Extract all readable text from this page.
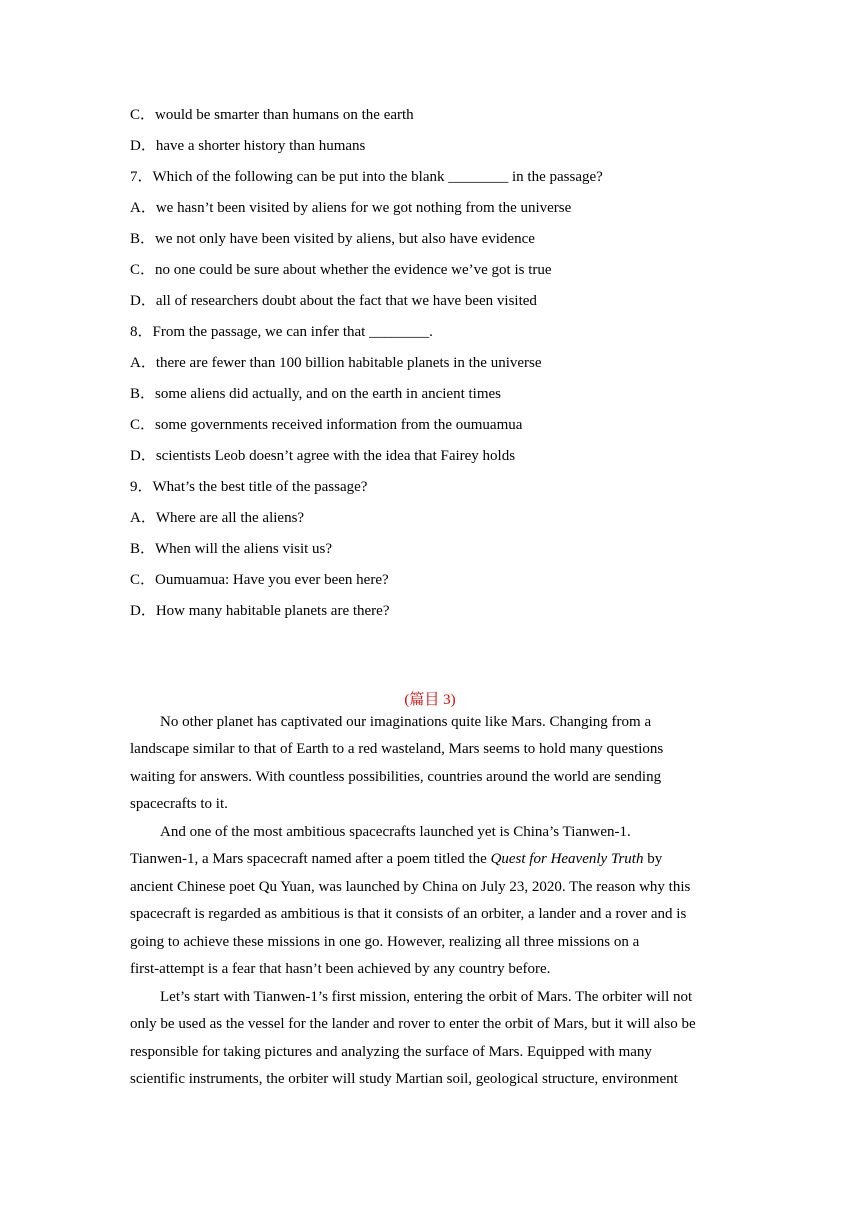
C．would be smarter than humans on the earth
D．have a shorter history than humans
7．Which of the following can be put into the blank ________ in the passage?
A．we hasn’t been visited by aliens for we got nothing from the universe
B．we not only have been visited by aliens, but also have evidence
C．no one could be sure about whether the evidence we’ve got is true
D．all of researchers doubt about the fact that we have been visited
8．From the passage, we can infer that ________.
A．there are fewer than 100 billion habitable planets in the universe
B．some aliens did actually, and on the earth in ancient times
C．some governments received information from the oumuamua
D．scientists Leob doesn’t agree with the idea that Fairey holds
9．What’s the best title of the passage?
A．Where are all the aliens?
B．When will the aliens visit us?
C．Oumuamua: Have you ever been here?
D．How many habitable planets are there?
(篇目 3)
No other planet has captivated our imaginations quite like Mars. Changing from a
landscape similar to that of Earth to a red wasteland, Mars seems to hold many questions
waiting for answers. With countless possibilities, countries around the world are sending
spacecrafts to it.
And one of the most ambitious spacecrafts launched yet is China’s Tianwen-1.
Tianwen-1, a Mars spacecraft named after a poem titled the Quest for Heavenly Truth by
ancient Chinese poet Qu Yuan, was launched by China on July 23, 2020. The reason why this
spacecraft is regarded as ambitious is that it consists of an orbiter, a lander and a rover and is
going to achieve these missions in one go. However, realizing all three missions on a
first-attempt is a fear that hasn’t been achieved by any country before.
Let’s start with Tianwen-1’s first mission, entering the orbit of Mars. The orbiter will not
only be used as the vessel for the lander and rover to enter the orbit of Mars, but it will also be
responsible for taking pictures and analyzing the surface of Mars. Equipped with many
scientific instruments, the orbiter will study Martian soil, geological structure, environment
